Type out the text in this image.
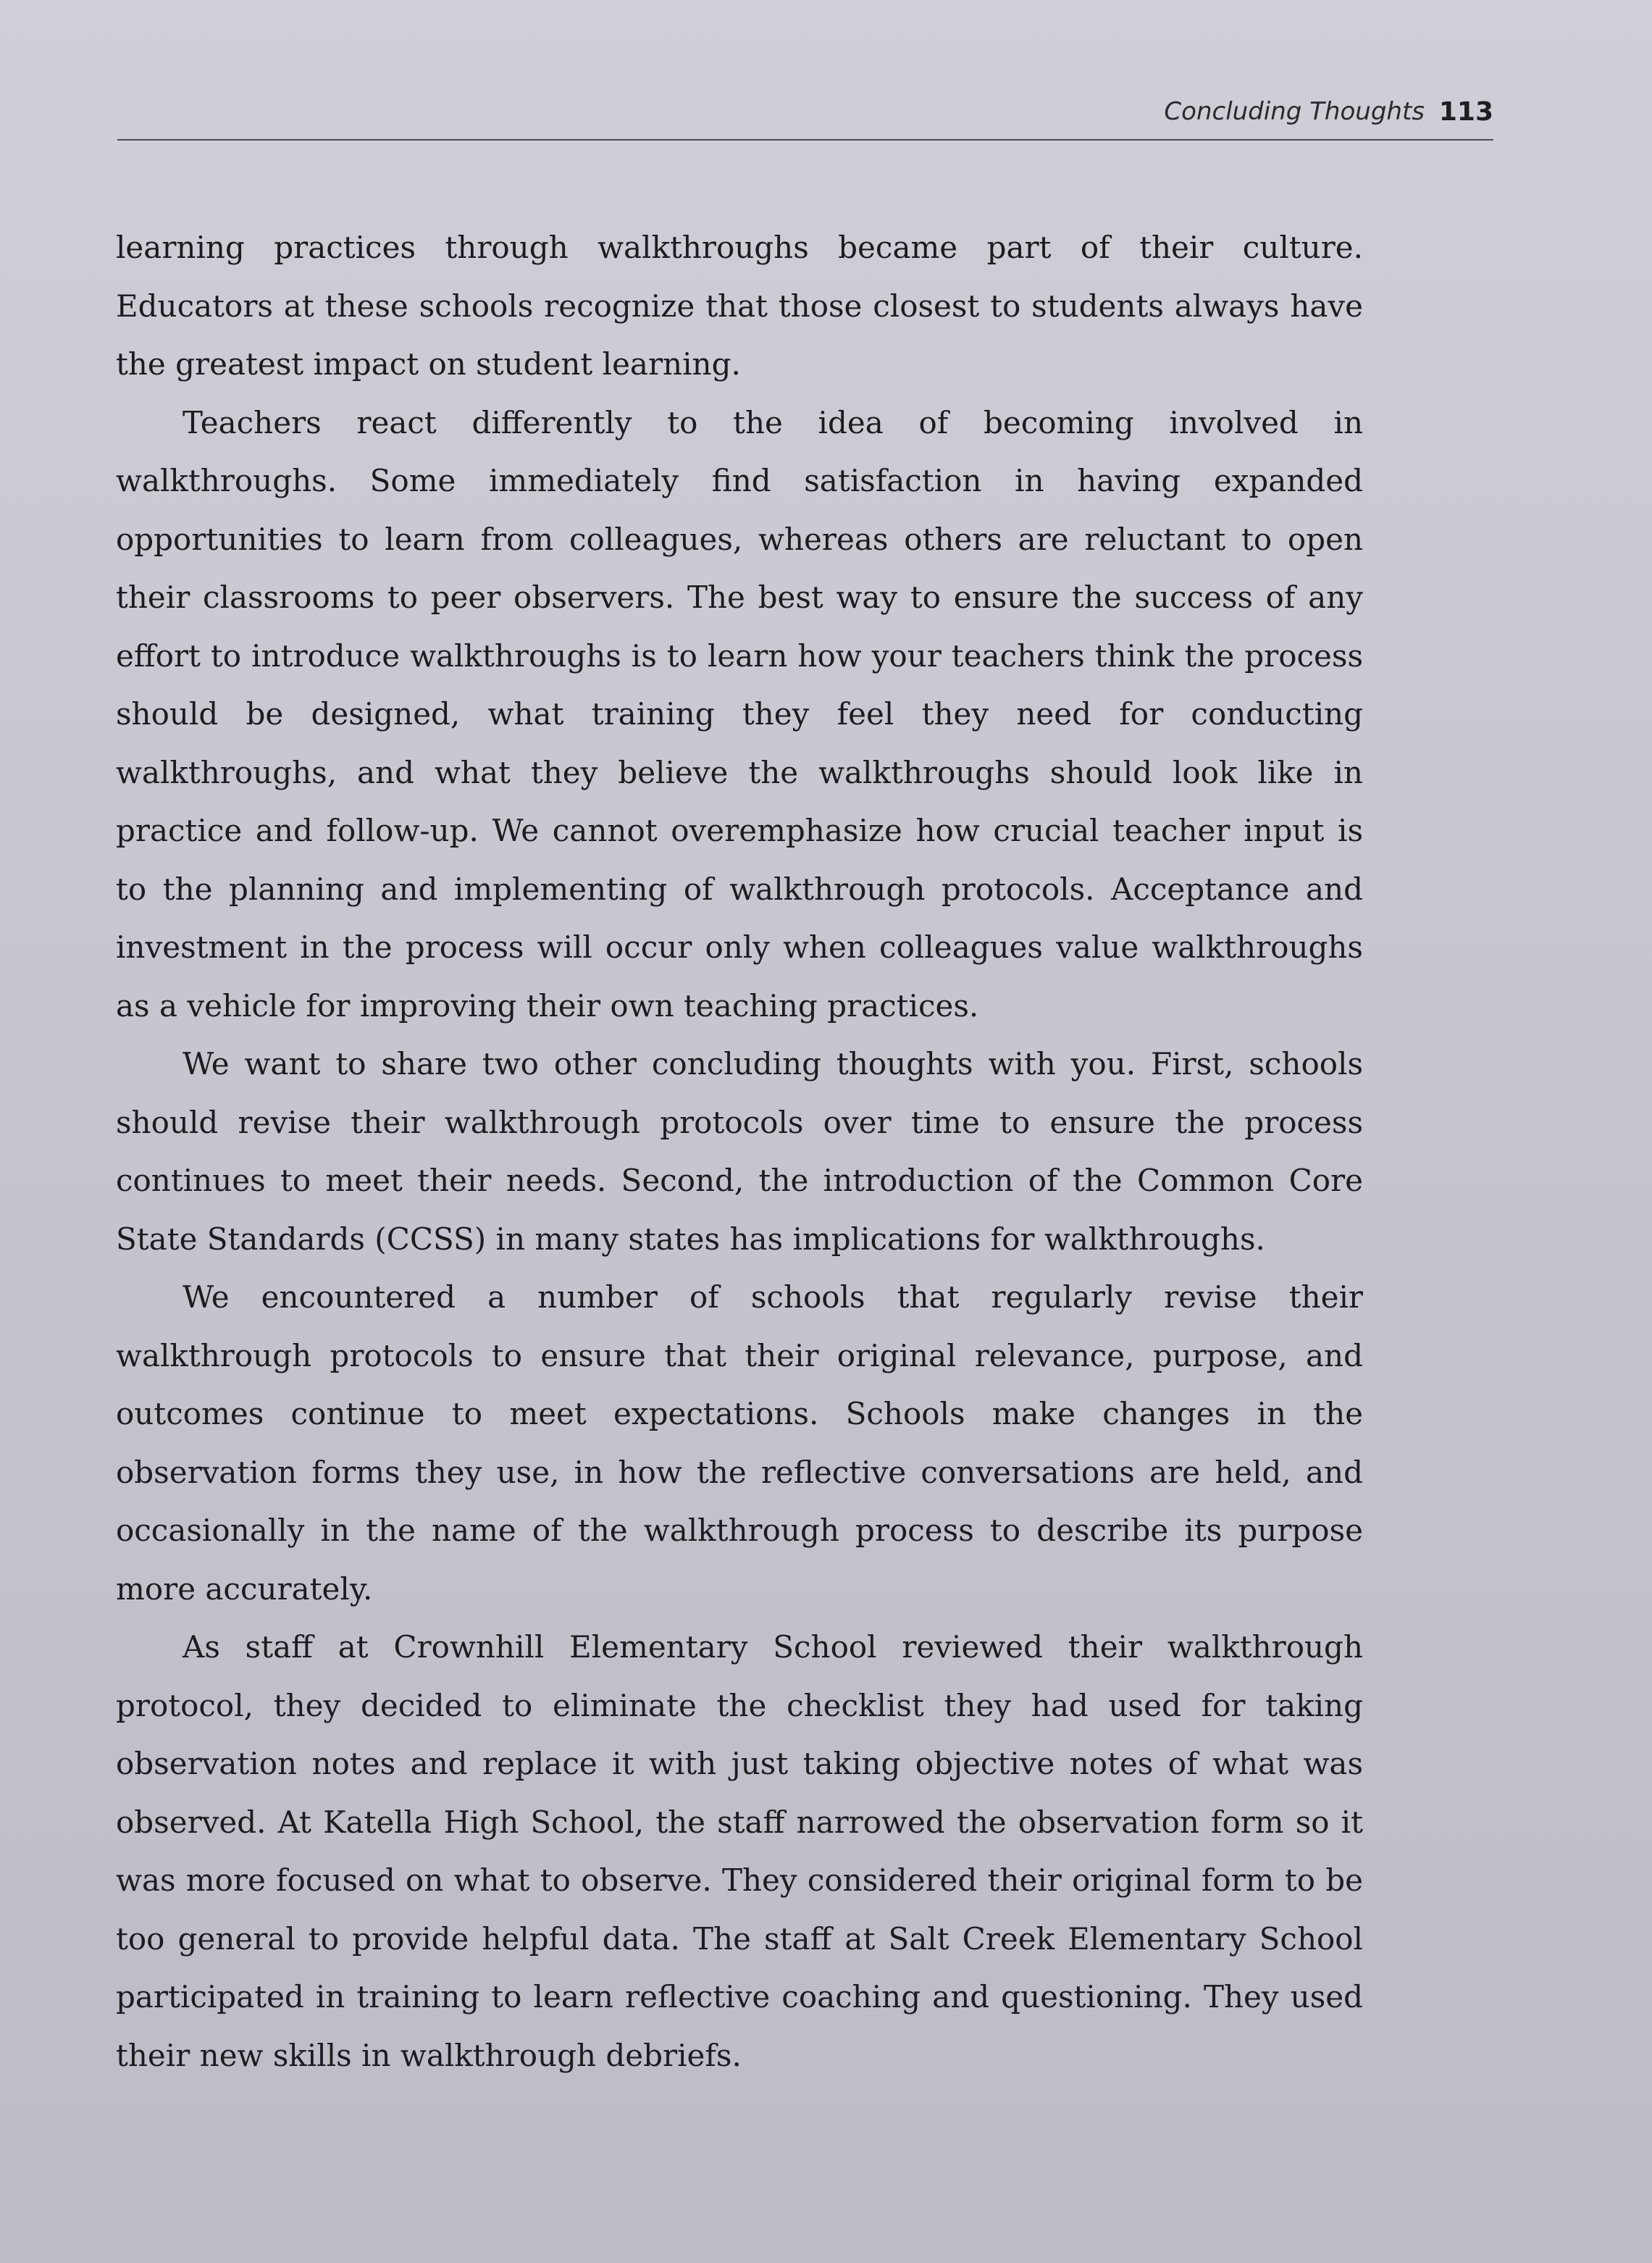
Concluding Thoughts 113

learning practices through walkthroughs became part of their culture. Educators at these schools recognize that those closest to students always have the greatest impact on student learning.

Teachers react differently to the idea of becoming involved in walkthroughs. Some immediately find satisfaction in having expanded opportunities to learn from colleagues, whereas others are reluctant to open their classrooms to peer observers. The best way to ensure the success of any effort to introduce walkthroughs is to learn how your teachers think the process should be designed, what training they feel they need for conducting walkthroughs, and what they believe the walkthroughs should look like in practice and follow-up. We cannot overemphasize how crucial teacher input is to the planning and implementing of walkthrough protocols. Acceptance and investment in the process will occur only when colleagues value walkthroughs as a vehicle for improving their own teaching practices.

We want to share two other concluding thoughts with you. First, schools should revise their walkthrough protocols over time to ensure the process continues to meet their needs. Second, the introduction of the Common Core State Standards (CCSS) in many states has implications for walkthroughs.

We encountered a number of schools that regularly revise their walkthrough protocols to ensure that their original relevance, purpose, and outcomes continue to meet expectations. Schools make changes in the observation forms they use, in how the reflective conversations are held, and occasionally in the name of the walkthrough process to describe its purpose more accurately.

As staff at Crownhill Elementary School reviewed their walkthrough protocol, they decided to eliminate the checklist they had used for taking observation notes and replace it with just taking objective notes of what was observed. At Katella High School, the staff narrowed the observation form so it was more focused on what to observe. They considered their original form to be too general to provide helpful data. The staff at Salt Creek Elementary School participated in training to learn reflective coaching and questioning. They used their new skills in walkthrough debriefs.
